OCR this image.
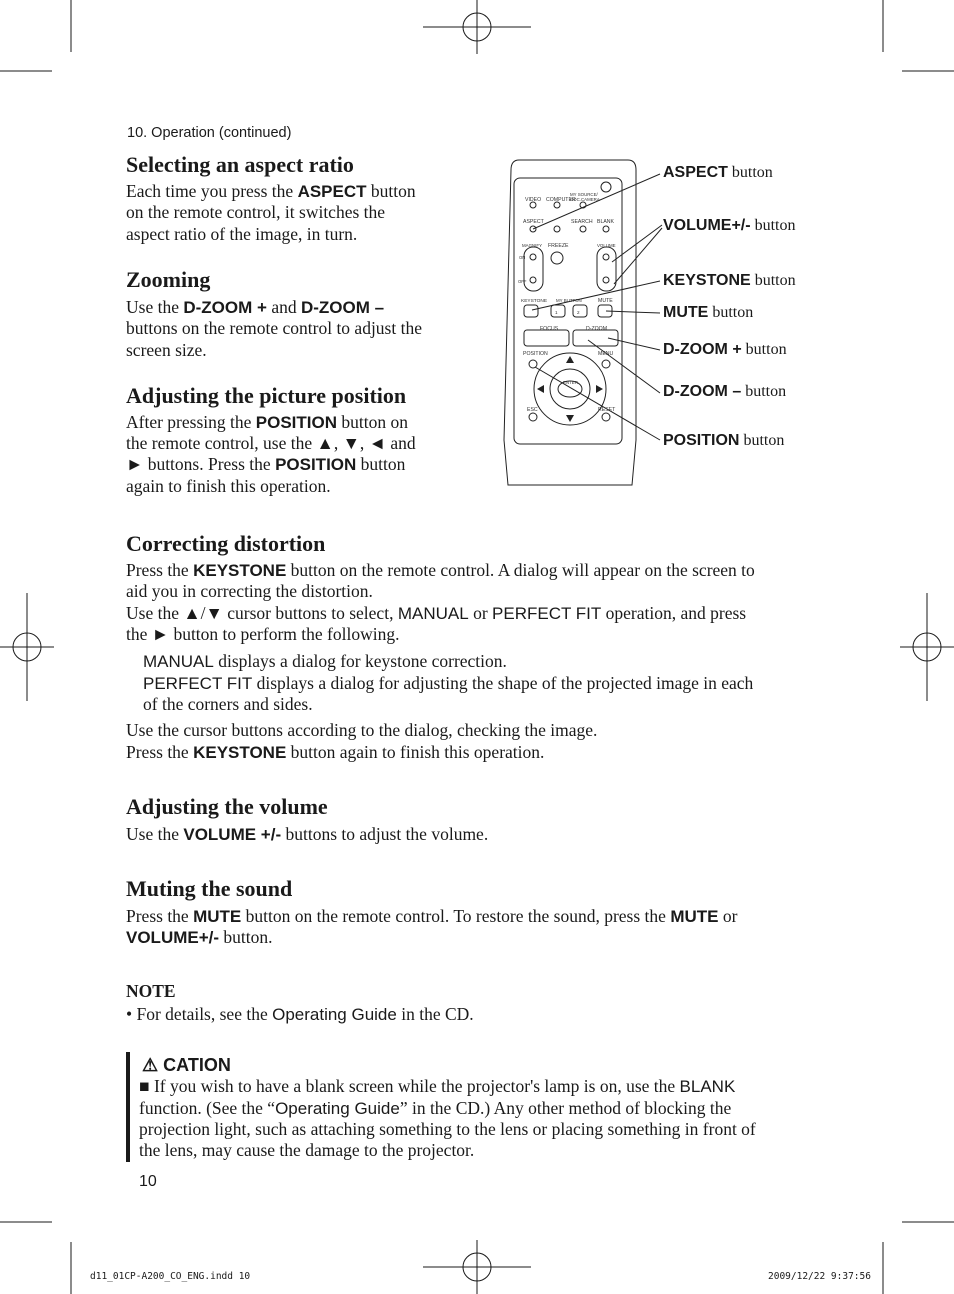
VIDEO COMPUTER
MY SOURCE/
DOC.CAMERA
ASPECT	SEARCH BLANK
MAGNIFY FREEZE	VOLUME
ON
OFF
KEYSTONE MY BUTTON	MUTE
1	2
FOCUS	D-ZOOM
POSITION	MENU
ENTER
ESC	RESET
10. Operation (continued)
Selecting an aspect ratio

Each time you press the ASPECT button

on the remote control, it switches the

aspect ratio of the image, in turn.

Zooming

Use the D-ZOOM + and D-ZOOM –

buttons on the remote control to adjust the

screen size.

Adjusting the picture position

After pressing the POSITION button on

the remote control, use the ▲, ▼, ◄ and

► buttons. Press the POSITION button

again to finish this operation.

ASPECT button
VOLUME+/- button
KEYSTONE button
MUTE button
D-ZOOM + button
D-ZOOM – button
POSITION button
Correcting distortion

Press the KEYSTONE button on the remote control. A dialog will appear on the screen to

aid you in correcting the distortion.

Use the ▲/▼ cursor buttons to select, MANUAL or PERFECT FIT operation, and press

the ► button to perform the following.

MANUAL displays a dialog for keystone correction.

PERFECT FIT displays a dialog for adjusting the shape of the projected image in each

of the corners and sides.

Use the cursor buttons according to the dialog, checking the image.

Press the KEYSTONE button again to finish this operation.

Adjusting the volume

Use the VOLUME +/- buttons to adjust the volume.

Muting the sound

Press the MUTE button on the remote control. To restore the sound, press the MUTE or

VOLUME+/- button.

NOTE

• For details, see the Operating Guide in the CD.

⚠ CATION

■ If you wish to have a blank screen while the projector's lamp is on, use the BLANK

function. (See the “Operating Guide” in the CD.) Any other method of blocking the

projection light, such as attaching something to the lens or placing something in front of

the lens, may cause the damage to the projector.

10
d11_01CP-A200_CO_ENG.indd 10	2009/12/22 9:37:56
